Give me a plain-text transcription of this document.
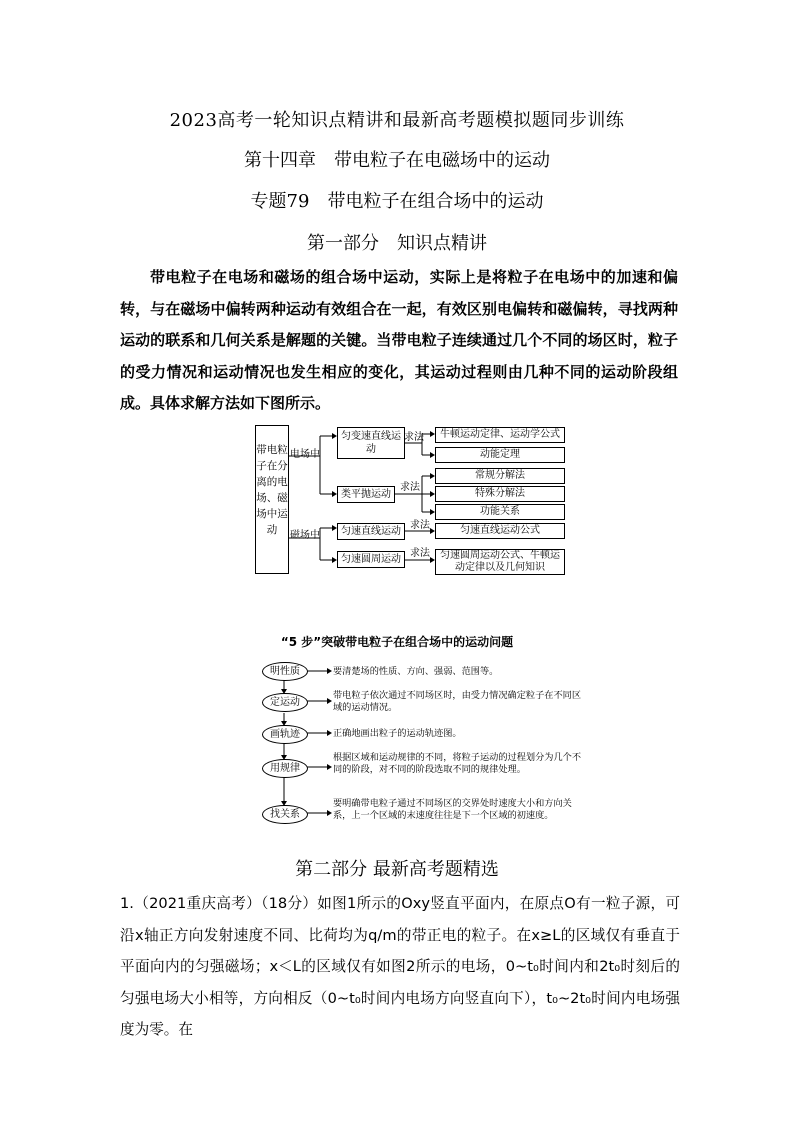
2023高考一轮知识点精讲和最新高考题模拟题同步训练
第十四章　带电粒子在电磁场中的运动
专题79　带电粒子在组合场中的运动
第一部分　知识点精讲

带电粒子在电场和磁场的组合场中运动，实际上是将粒子在电场中的加速和偏转，与在磁场中偏转两种运动有效组合在一起，有效区别电偏转和磁偏转，寻找两种运动的联系和几何关系是解题的关键。当带电粒子连续通过几个不同的场区时，粒子的受力情况和运动情况也发生相应的变化，其运动过程则由几种不同的运动阶段组成。具体求解方法如下图所示。

带电粒子在分离的电场、磁场中运动
电场中
磁场中
匀变速直线运动
类平抛运动
匀速直线运动
匀速圆周运动
求法
求法
求法
求法
牛顿运动定律、运动学公式
动能定理
常规分解法
特殊分解法
功能关系
匀速直线运动公式
匀速圆周运动公式、牛顿运动定律以及几何知识
“5 步”突破带电粒子在组合场中的运动问题
明性质
定运动
画轨迹
用规律
找关系
要清楚场的性质、方向、强弱、范围等。
带电粒子依次通过不同场区时，由受力情况确定粒子在不同区域的运动情况。
正确地画出粒子的运动轨迹图。
根据区域和运动规律的不同，将粒子运动的过程划分为几个不同的阶段，对不同的阶段选取不同的规律处理。
要明确带电粒子通过不同场区的交界处时速度大小和方向关系，上一个区域的末速度往往是下一个区域的初速度。
第二部分 最新高考题精选

1.（2021重庆高考）（18分）如图1所示的Oxy竖直平面内，在原点O有一粒子源，可沿x轴正方向发射速度不同、比荷均为q/m的带正电的粒子。在x≥L的区域仅有垂直于平面向内的匀强磁场；x＜L的区域仅有如图2所示的电场，0~t₀时间内和2t₀时刻后的匀强电场大小相等，方向相反（0~t₀时间内电场方向竖直向下），t₀~2t₀时间内电场强度为零。在
